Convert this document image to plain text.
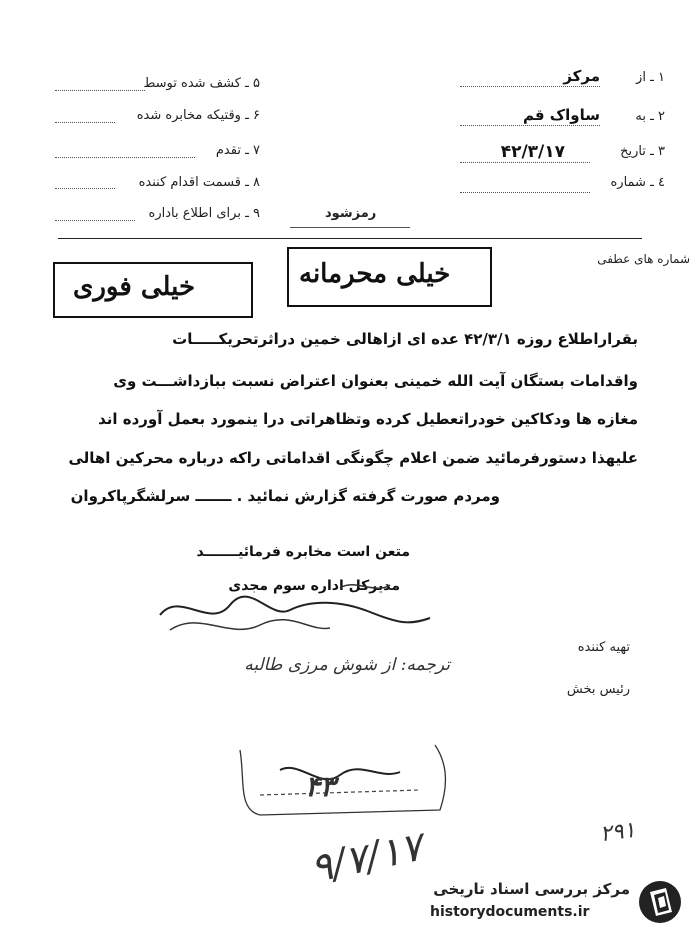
۱ ـ از
مرکز
۲ ـ به
ساواک قم
۳ ـ تاریخ
۴۲/۳/۱۷
٤ ـ شماره
۵ ـ کشف شده توسط
۶ ـ وقتیکه مخابره شده
۷ ـ تقدم
۸ ـ قسمت اقدام کننده
۹ ـ برای اطلاع باداره	رمزشود
شماره های عطفی
خیلی محرمانه
خیلی فوری
بقراراطلاع روزه ۴۲/۳/۱ عده ای ازاهالی خمین دراثرتحریکـــــات
واقدامات بستگان آیت الله خمینی بعنوان اعتراض نسبت ببازداشـــت وی
مغازه ها ودکاکین خودراتعطیل کرده وتظاهراتی درا ینمورد بعمل آورده اند
علیهذا دستورفرمائید ضمن اعلام چگونگی اقداماتی راکه درباره محرکین اهالی
ومردم صورت گرفته گزارش نمائید . ـــــــ سرلشگرپاکروان
متعن است مخابره فرمائیـــــــد
مدیرکل اداره سوم مجدی
تهیه کننده
رئیس بخش
ترجمه: از شوش مرزی طالبه
۴۳
۹/۷/۱۷	۲۹۱
مرکز بررسی اسناد تاریخی
historydocuments.ir
